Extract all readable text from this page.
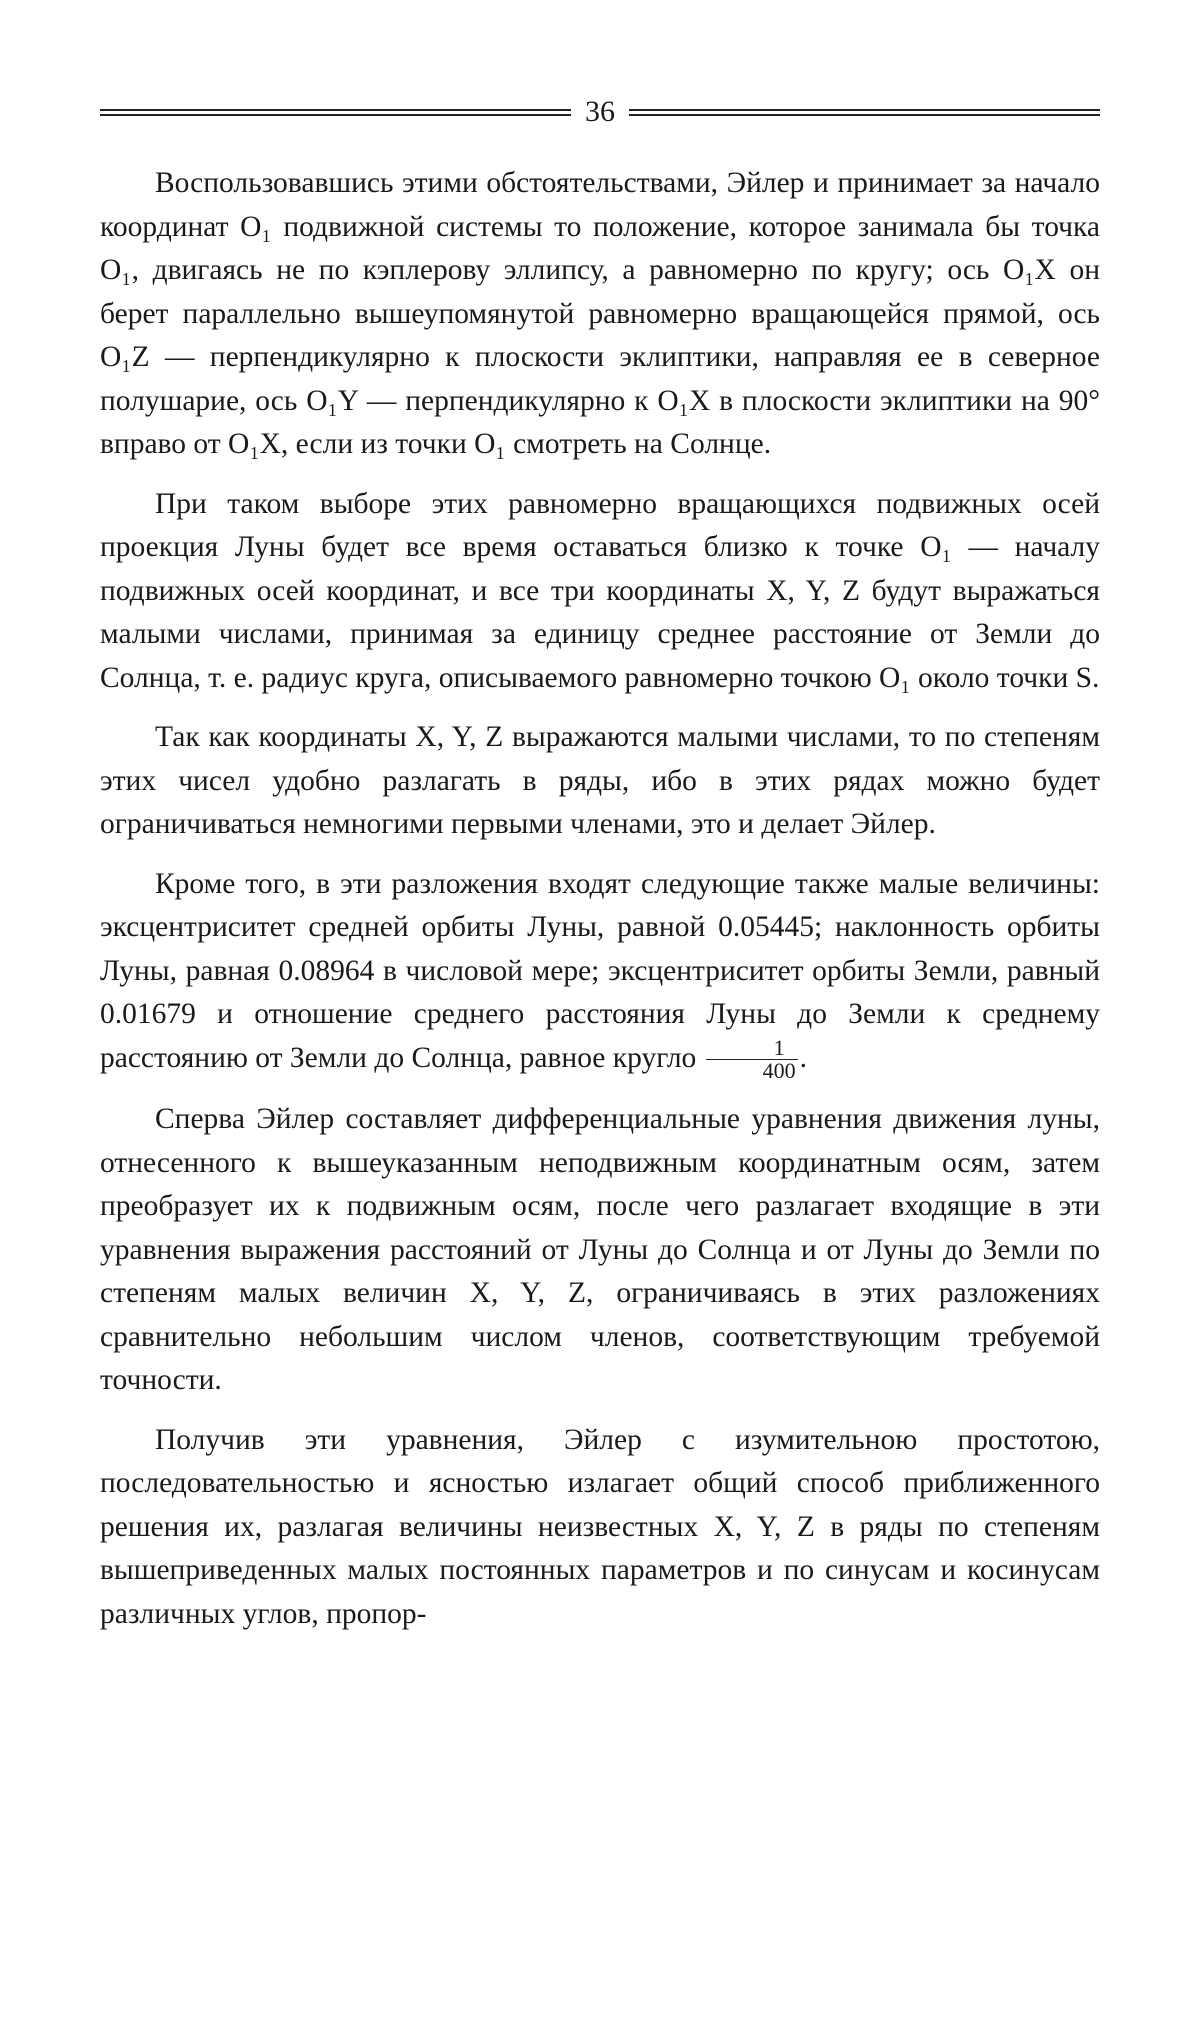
36

Воспользовавшись этими обстоятельствами, Эйлер и принимает за начало координат O₁ подвижной системы то положение, которое занимала бы точка O₁, двигаясь не по кэплерову эллипсу, а равномерно по кругу; ось O₁X он берет параллельно вышеупомянутой равномерно вращающейся прямой, ось O₁Z — перпендикулярно к плоскости эклиптики, направляя ее в северное полушарие, ось O₁Y — перпендикулярно к O₁X в плоскости эклиптики на 90° вправо от O₁X, если из точки O₁ смотреть на Солнце.

При таком выборе этих равномерно вращающихся подвижных осей проекция Луны будет все время оставаться близко к точке O₁ — началу подвижных осей координат, и все три координаты X, Y, Z будут выражаться малыми числами, принимая за единицу среднее расстояние от Земли до Солнца, т. е. радиус круга, описываемого равномерно точкою O₁ около точки S.

Так как координаты X, Y, Z выражаются малыми числами, то по степеням этих чисел удобно разлагать в ряды, ибо в этих рядах можно будет ограничиваться немногими первыми членами, это и делает Эйлер.

Кроме того, в эти разложения входят следующие также малые величины: эксцентриситет средней орбиты Луны, равной 0.05445; наклонность орбиты Луны, равная 0.08964 в числовой мере; эксцентриситет орбиты Земли, равный 0.01679 и отношение среднего расстояния Луны до Земли к среднему расстоянию от Земли до Солнца, равное кругло $\frac{1}{400}$ .

Сперва Эйлер составляет дифференциальные уравнения движения луны, отнесенного к вышеуказанным неподвижным координатным осям, затем преобразует их к подвижным осям, после чего разлагает входящие в эти уравнения выражения расстояний от Луны до Солнца и от Луны до Земли по степеням малых величин X, Y, Z, ограничиваясь в этих разложениях сравнительно небольшим числом членов, соответствующим требуемой точности.

Получив эти уравнения, Эйлер с изумительною простотою, последовательностью и ясностью излагает общий способ приближенного решения их, разлагая величины неизвестных X, Y, Z в ряды по степеням вышеприведенных малых постоянных параметров и по синусам и косинусам различных углов, пропор-
